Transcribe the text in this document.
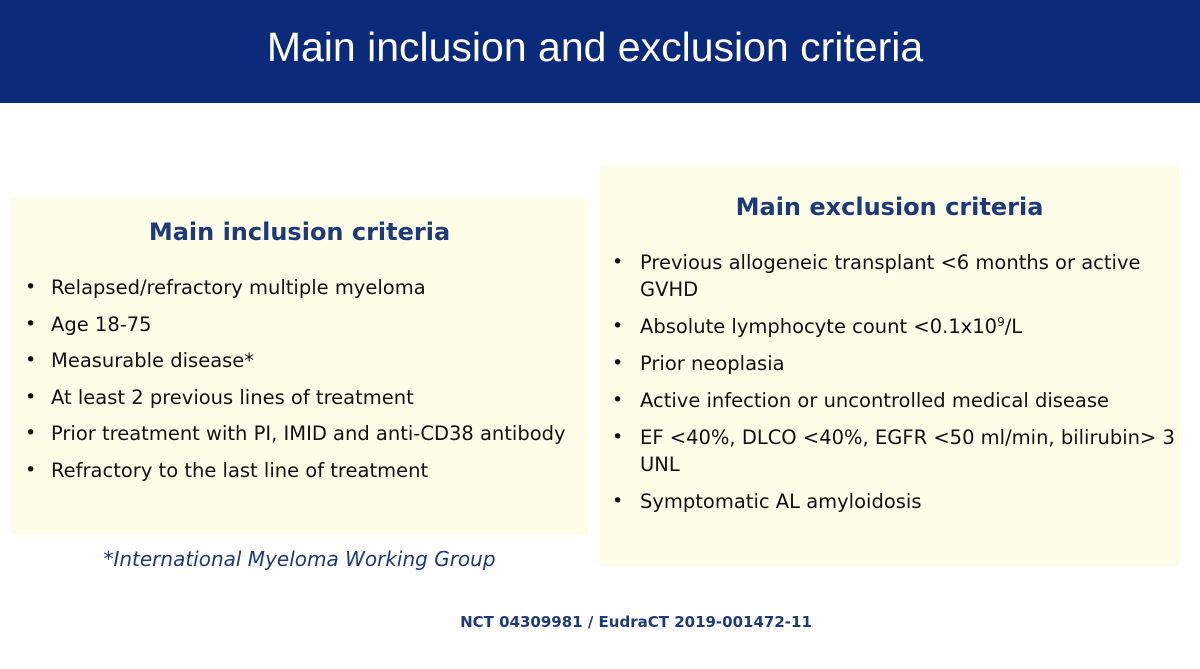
Main inclusion and exclusion criteria
Main inclusion criteria
• Relapsed/refractory multiple myeloma
• Age 18-75
• Measurable disease*
• At least 2 previous lines of treatment
• Prior treatment with PI, IMID and anti-CD38 antibody
• Refractory to the last line of treatment
*International Myeloma Working Group
Main exclusion criteria
• Previous allogeneic transplant <6 months or active GVHD
• Absolute lymphocyte count $<0.1x10^9/L$
• Prior neoplasia
• Active infection or uncontrolled medical disease
• EF <40%, DLCO <40%, EGFR <50 ml/min, bilirubin> 3 UNL
• Symptomatic AL amyloidosis
NCT 04309981 / EudraCT 2019-001472-11
